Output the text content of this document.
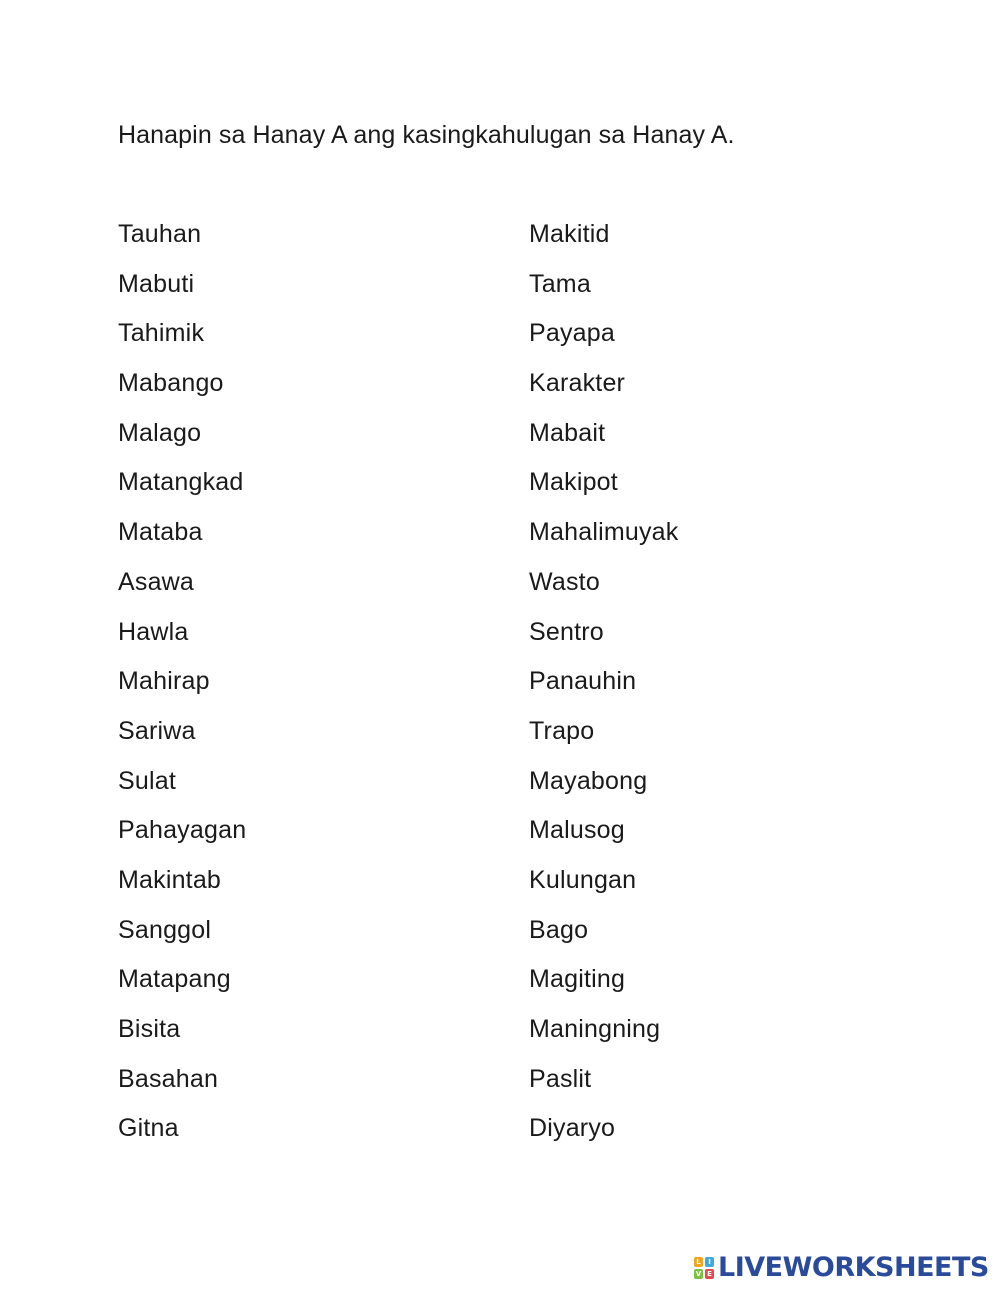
Hanapin sa Hanay A ang kasingkahulugan sa Hanay A.

Tauhan
Mabuti
Tahimik
Mabango
Malago
Matangkad
Mataba
Asawa
Hawla
Mahirap
Sariwa
Sulat
Pahayagan
Makintab
Sanggol
Matapang
Bisita
Basahan
Gitna
Makitid
Tama
Payapa
Karakter
Mabait
Makipot
Mahalimuyak
Wasto
Sentro
Panauhin
Trapo
Mayabong
Malusog
Kulungan
Bago
Magiting
Maningning
Paslit
Diyaryo
L	I
V E LIVEWORKSHEETS
